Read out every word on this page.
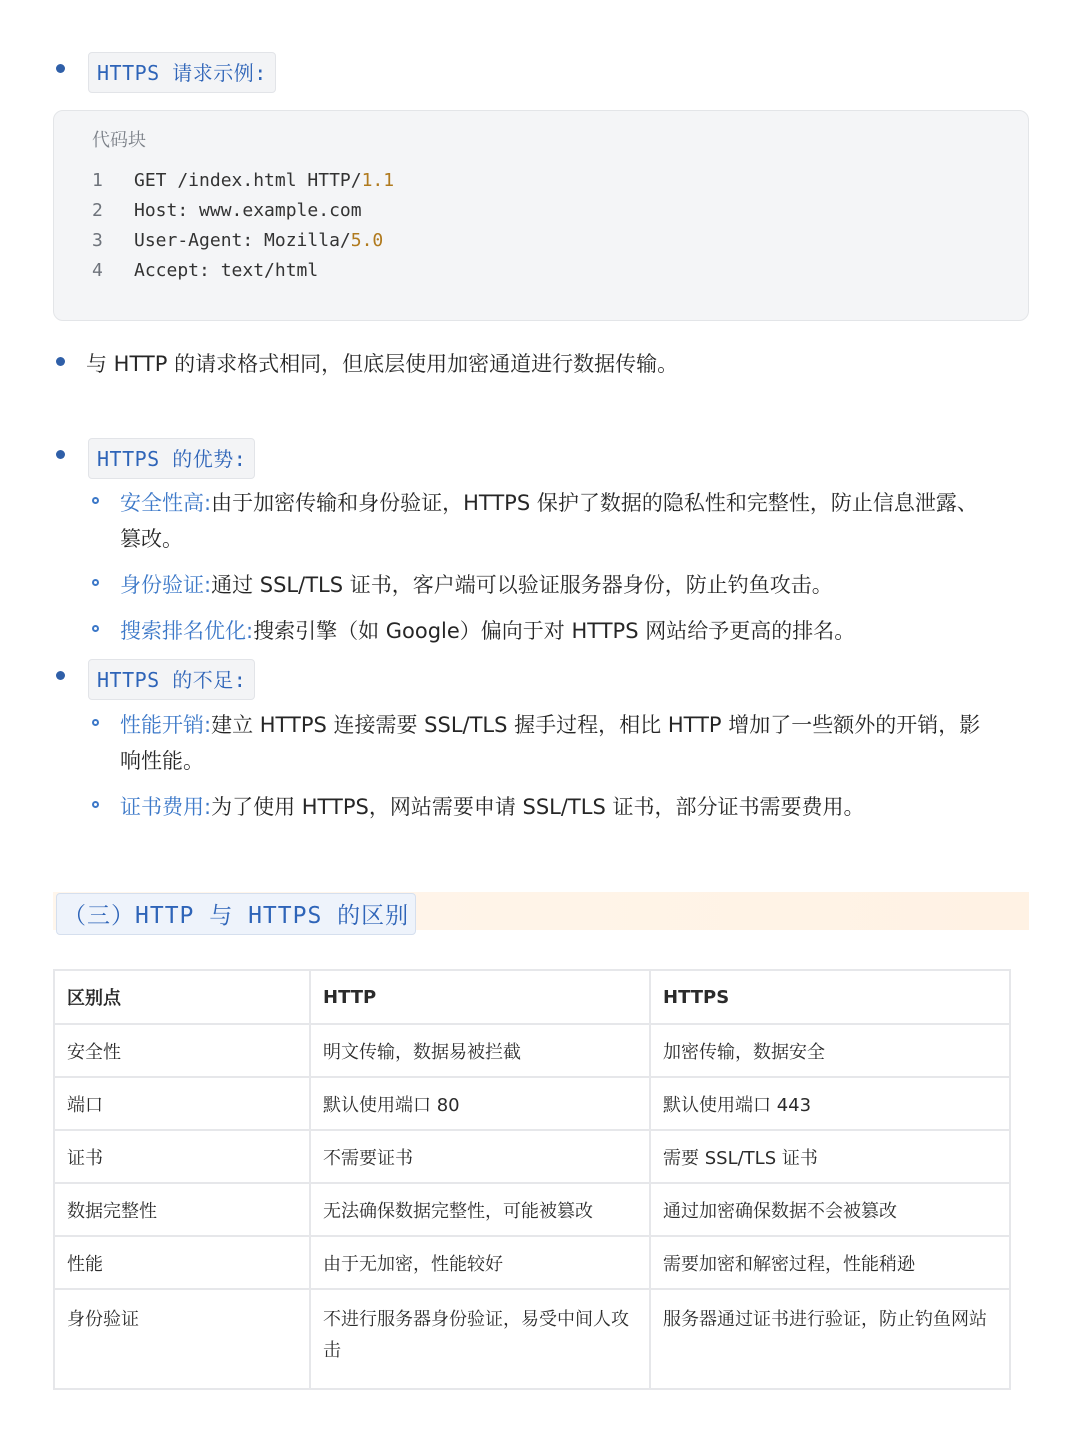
HTTPS 请求示例:
代码块
1 GET /index.html HTTP/1.1
2 Host: www.example.com
3 User-Agent: Mozilla/5.0
4 Accept: text/html
与 HTTP 的请求格式相同，但底层使用加密通道进行数据传输。
HTTPS 的优势:
安全性高:由于加密传输和身份验证，HTTPS 保护了数据的隐私性和完整性，防止信息泄露、
篡改。
身份验证:通过 SSL/TLS 证书，客户端可以验证服务器身份，防止钓鱼攻击。
搜索排名优化:搜索引擎（如 Google）偏向于对 HTTPS 网站给予更高的排名。
HTTPS 的不足:
性能开销:建立 HTTPS 连接需要 SSL/TLS 握手过程，相比 HTTP 增加了一些额外的开销，影
响性能。
证书费用:为了使用 HTTPS，网站需要申请 SSL/TLS 证书，部分证书需要费用。
（三）HTTP 与 HTTPS 的区别
区别点	HTTP	HTTPS
安全性	明文传输，数据易被拦截	加密传输，数据安全
端口	默认使用端口 80	默认使用端口 443
证书	不需要证书	需要 SSL/TLS 证书
数据完整性	无法确保数据完整性，可能被篡改	通过加密确保数据不会被篡改
性能	由于无加密，性能较好	需要加密和解密过程，性能稍逊
身份验证	不进行服务器身份验证，易受中间人攻击	服务器通过证书进行验证，防止钓鱼网站
